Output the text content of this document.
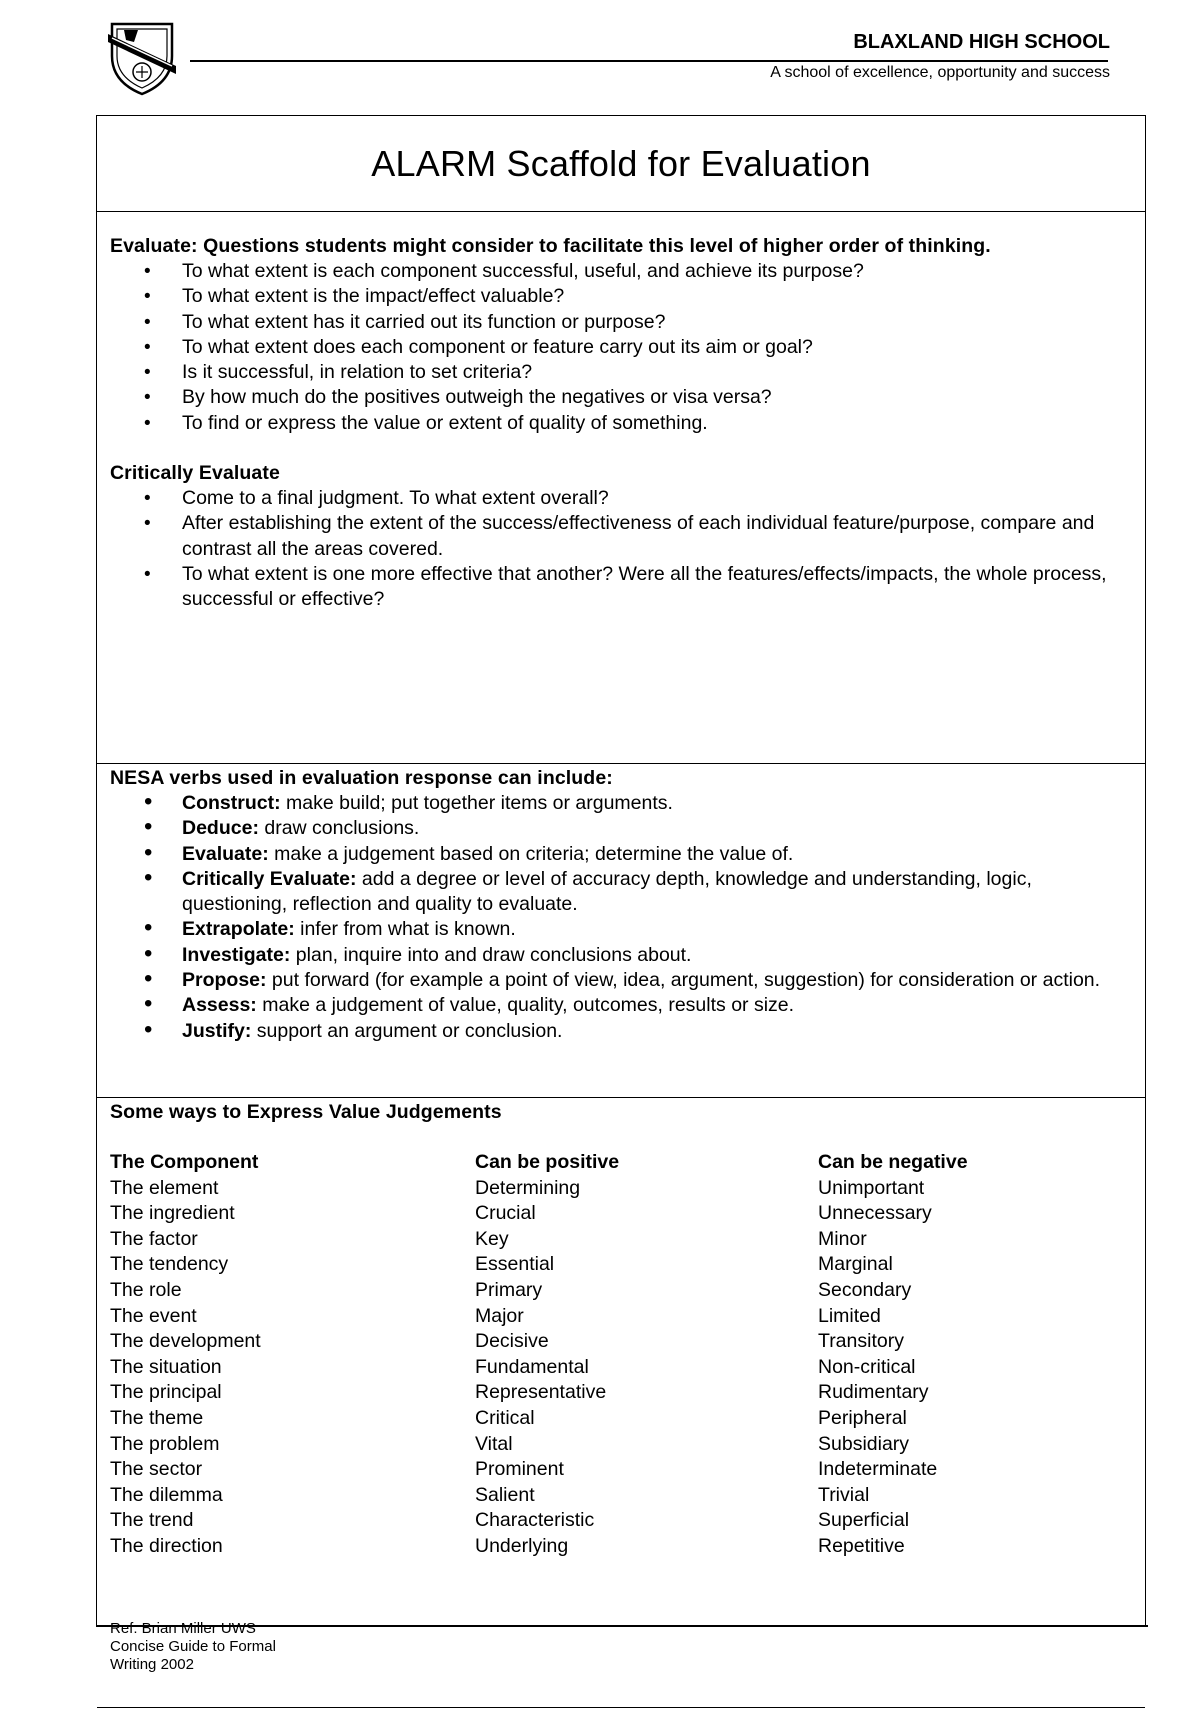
BLAXLAND HIGH SCHOOL
A school of excellence, opportunity and success
ALARM Scaffold for Evaluation
Evaluate: Questions students might consider to facilitate this level of higher order of thinking.
• To what extent is each component successful, useful, and achieve its purpose?
• To what extent is the impact/effect valuable?
• To what extent has it carried out its function or purpose?
• To what extent does each component or feature carry out its aim or goal?
• Is it successful, in relation to set criteria?
• By how much do the positives outweigh the negatives or visa versa?
• To find or express the value or extent of quality of something.
Critically Evaluate
• Come to a final judgment. To what extent overall?
• After establishing the extent of the success/effectiveness of each individual feature/purpose, compare and contrast all the areas covered.
• To what extent is one more effective that another? Were all the features/effects/impacts, the whole process, successful or effective?
NESA verbs used in evaluation response can include:
• Construct: make build; put together items or arguments.
• Deduce: draw conclusions.
• Evaluate: make a judgement based on criteria; determine the value of.
• Critically Evaluate: add a degree or level of accuracy depth, knowledge and understanding, logic, questioning, reflection and quality to evaluate.
• Extrapolate: infer from what is known.
• Investigate: plan, inquire into and draw conclusions about.
• Propose: put forward (for example a point of view, idea, argument, suggestion) for consideration or action.
• Assess: make a judgement of value, quality, outcomes, results or size.
• Justify: support an argument or conclusion.
Some ways to Express Value Judgements
The Component	Can be positive	Can be negative
The element	Determining	Unimportant
The ingredient	Crucial	Unnecessary
The factor	Key	Minor
The tendency	Essential	Marginal
The role	Primary	Secondary
The event	Major	Limited
The development	Decisive	Transitory
The situation	Fundamental	Non-critical
The principal	Representative	Rudimentary
The theme	Critical	Peripheral
The problem	Vital	Subsidiary
The sector	Prominent	Indeterminate
The dilemma	Salient	Trivial
The trend	Characteristic	Superficial
The direction	Underlying	Repetitive
Ref: Brian Miller UWS
Concise Guide to Formal
Writing 2002
